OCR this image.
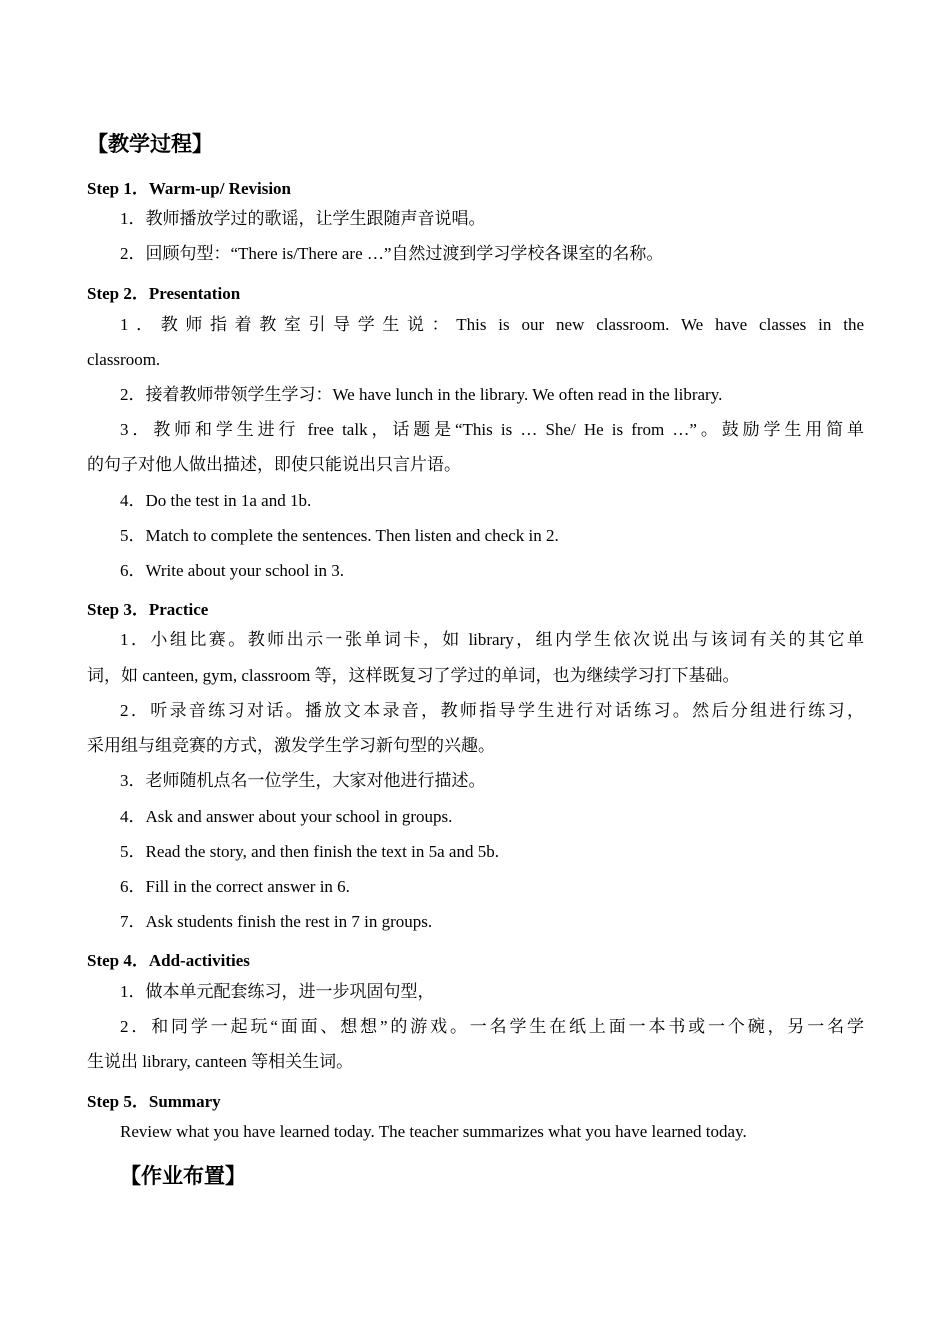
【教学过程】
Step 1．Warm-up/ Revision
1．教师播放学过的歌谣，让学生跟随声音说唱。
2．回顾句型：“There is/There are …”自然过渡到学习学校各课室的名称。
Step 2．Presentation
1．教师指着教室引导学生说：This is our new classroom. We have classes in the
classroom.
2．接着教师带领学生学习：We have lunch in the library. We often read in the library.
3．教师和学生进行 free talk，话题是“This is … She/ He is from …”。鼓励学生用简单
的句子对他人做出描述，即使只能说出只言片语。
4．Do the test in 1a and 1b.
5．Match to complete the sentences. Then listen and check in 2.
6．Write about your school in 3.
Step 3．Practice
1．小组比赛。教师出示一张单词卡，如 library，组内学生依次说出与该词有关的其它单
词，如 canteen, gym, classroom 等，这样既复习了学过的单词，也为继续学习打下基础。
2．听录音练习对话。播放文本录音，教师指导学生进行对话练习。然后分组进行练习，
采用组与组竞赛的方式，激发学生学习新句型的兴趣。
3．老师随机点名一位学生，大家对他进行描述。
4．Ask and answer about your school in groups.
5．Read the story, and then finish the text in 5a and 5b.
6．Fill in the correct answer in 6.
7．Ask students finish the rest in 7 in groups.
Step 4．Add-activities
1．做本单元配套练习，进一步巩固句型，
2．和同学一起玩“面面、想想”的游戏。一名学生在纸上面一本书或一个碗，另一名学
生说出 library, canteen 等相关生词。
Step 5．Summary
Review what you have learned today. The teacher summarizes what you have learned today.
【作业布置】
